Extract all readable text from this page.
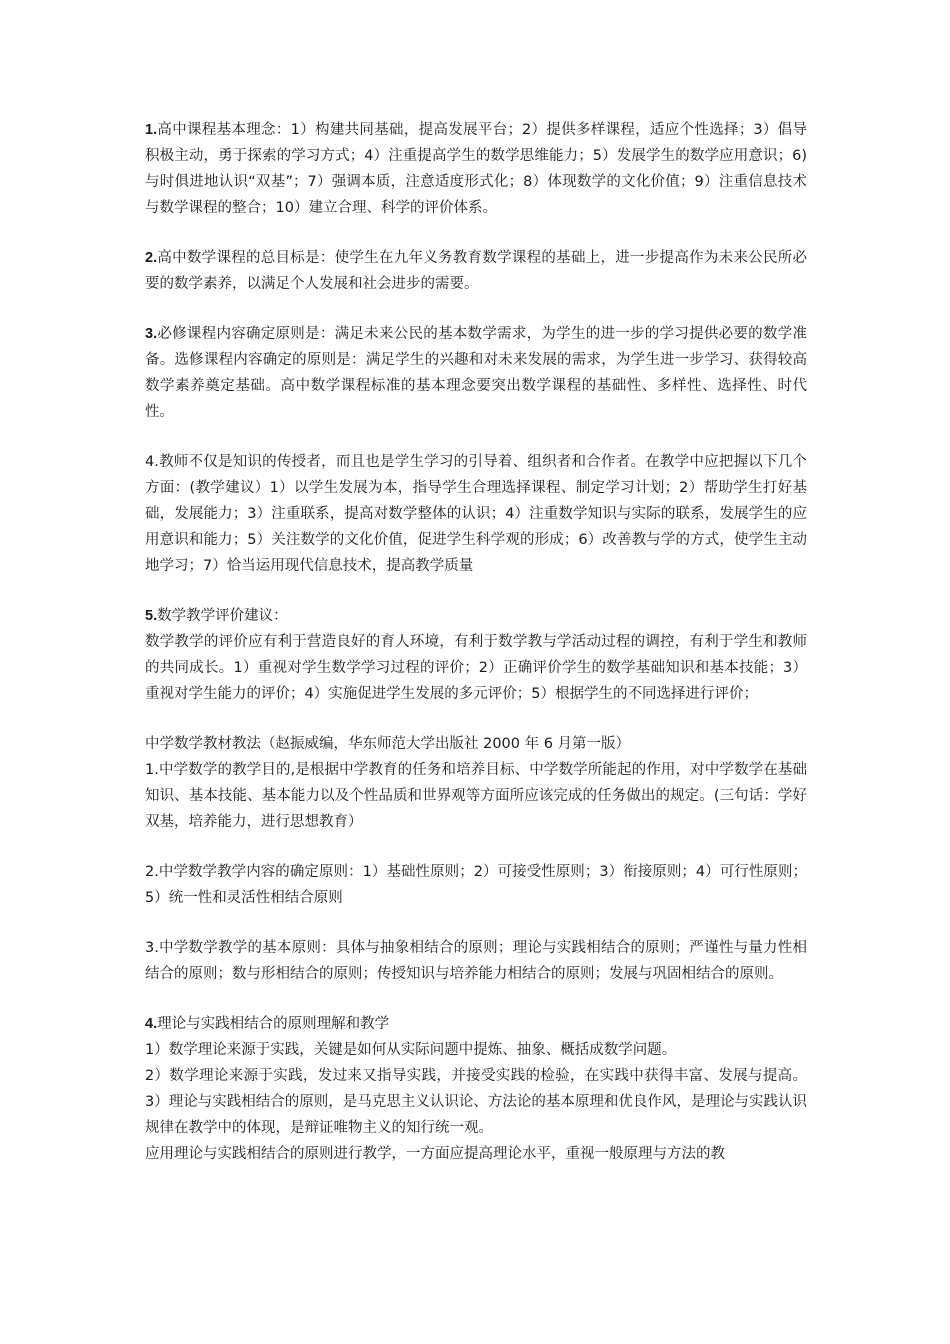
1.高中课程基本理念：1）构建共同基础，提高发展平台；2）提供多样课程，适应个性选择；3）倡导积极主动，勇于探索的学习方式；4）注重提高学生的数学思维能力；5）发展学生的数学应用意识；6)与时俱进地认识“双基”；7）强调本质，注意适度形式化；8）体现数学的文化价值；9）注重信息技术与数学课程的整合；10）建立合理、科学的评价体系。

2.高中数学课程的总目标是：使学生在九年义务教育数学课程的基础上，进一步提高作为未来公民所必要的数学素养，以满足个人发展和社会进步的需要。

3.必修课程内容确定原则是：满足未来公民的基本数学需求，为学生的进一步的学习提供必要的数学准备。选修课程内容确定的原则是：满足学生的兴趣和对未来发展的需求，为学生进一步学习、获得较高数学素养奠定基础。高中数学课程标准的基本理念要突出数学课程的基础性、多样性、选择性、时代性。

4.教师不仅是知识的传授者，而且也是学生学习的引导着、组织者和合作者。在教学中应把握以下几个方面：(教学建议）1）以学生发展为本，指导学生合理选择课程、制定学习计划；2）帮助学生打好基础，发展能力；3）注重联系，提高对数学整体的认识；4）注重数学知识与实际的联系，发展学生的应用意识和能力；5）关注数学的文化价值，促进学生科学观的形成；6）改善教与学的方式，使学生主动地学习；7）恰当运用现代信息技术，提高教学质量

5.数学教学评价建议：

数学教学的评价应有利于营造良好的育人环境，有利于数学教与学活动过程的调控，有利于学生和教师的共同成长。1）重视对学生数学学习过程的评价；2）正确评价学生的数学基础知识和基本技能；3）重视对学生能力的评价；4）实施促进学生发展的多元评价；5）根据学生的不同选择进行评价；

中学数学教材教法（赵振威编，华东师范大学出版社 2000 年 6 月第一版）

1.中学数学的教学目的,是根据中学教育的任务和培养目标、中学数学所能起的作用，对中学数学在基础知识、基本技能、基本能力以及个性品质和世界观等方面所应该完成的任务做出的规定。(三句话：学好双基，培养能力，进行思想教育）

2.中学数学教学内容的确定原则：1）基础性原则；2）可接受性原则；3）衔接原则；4）可行性原则；5）统一性和灵活性相结合原则

3.中学数学教学的基本原则：具体与抽象相结合的原则；理论与实践相结合的原则；严谨性与量力性相结合的原则；数与形相结合的原则；传授知识与培养能力相结合的原则；发展与巩固相结合的原则。

4.理论与实践相结合的原则理解和教学

1）数学理论来源于实践，关键是如何从实际问题中提炼、抽象、概括成数学问题。

2）数学理论来源于实践，发过来又指导实践，并接受实践的检验，在实践中获得丰富、发展与提高。3）理论与实践相结合的原则，是马克思主义认识论、方法论的基本原理和优良作风，是理论与实践认识规律在教学中的体现，是辩证唯物主义的知行统一观。

应用理论与实践相结合的原则进行教学，一方面应提高理论水平，重视一般原理与方法的教
